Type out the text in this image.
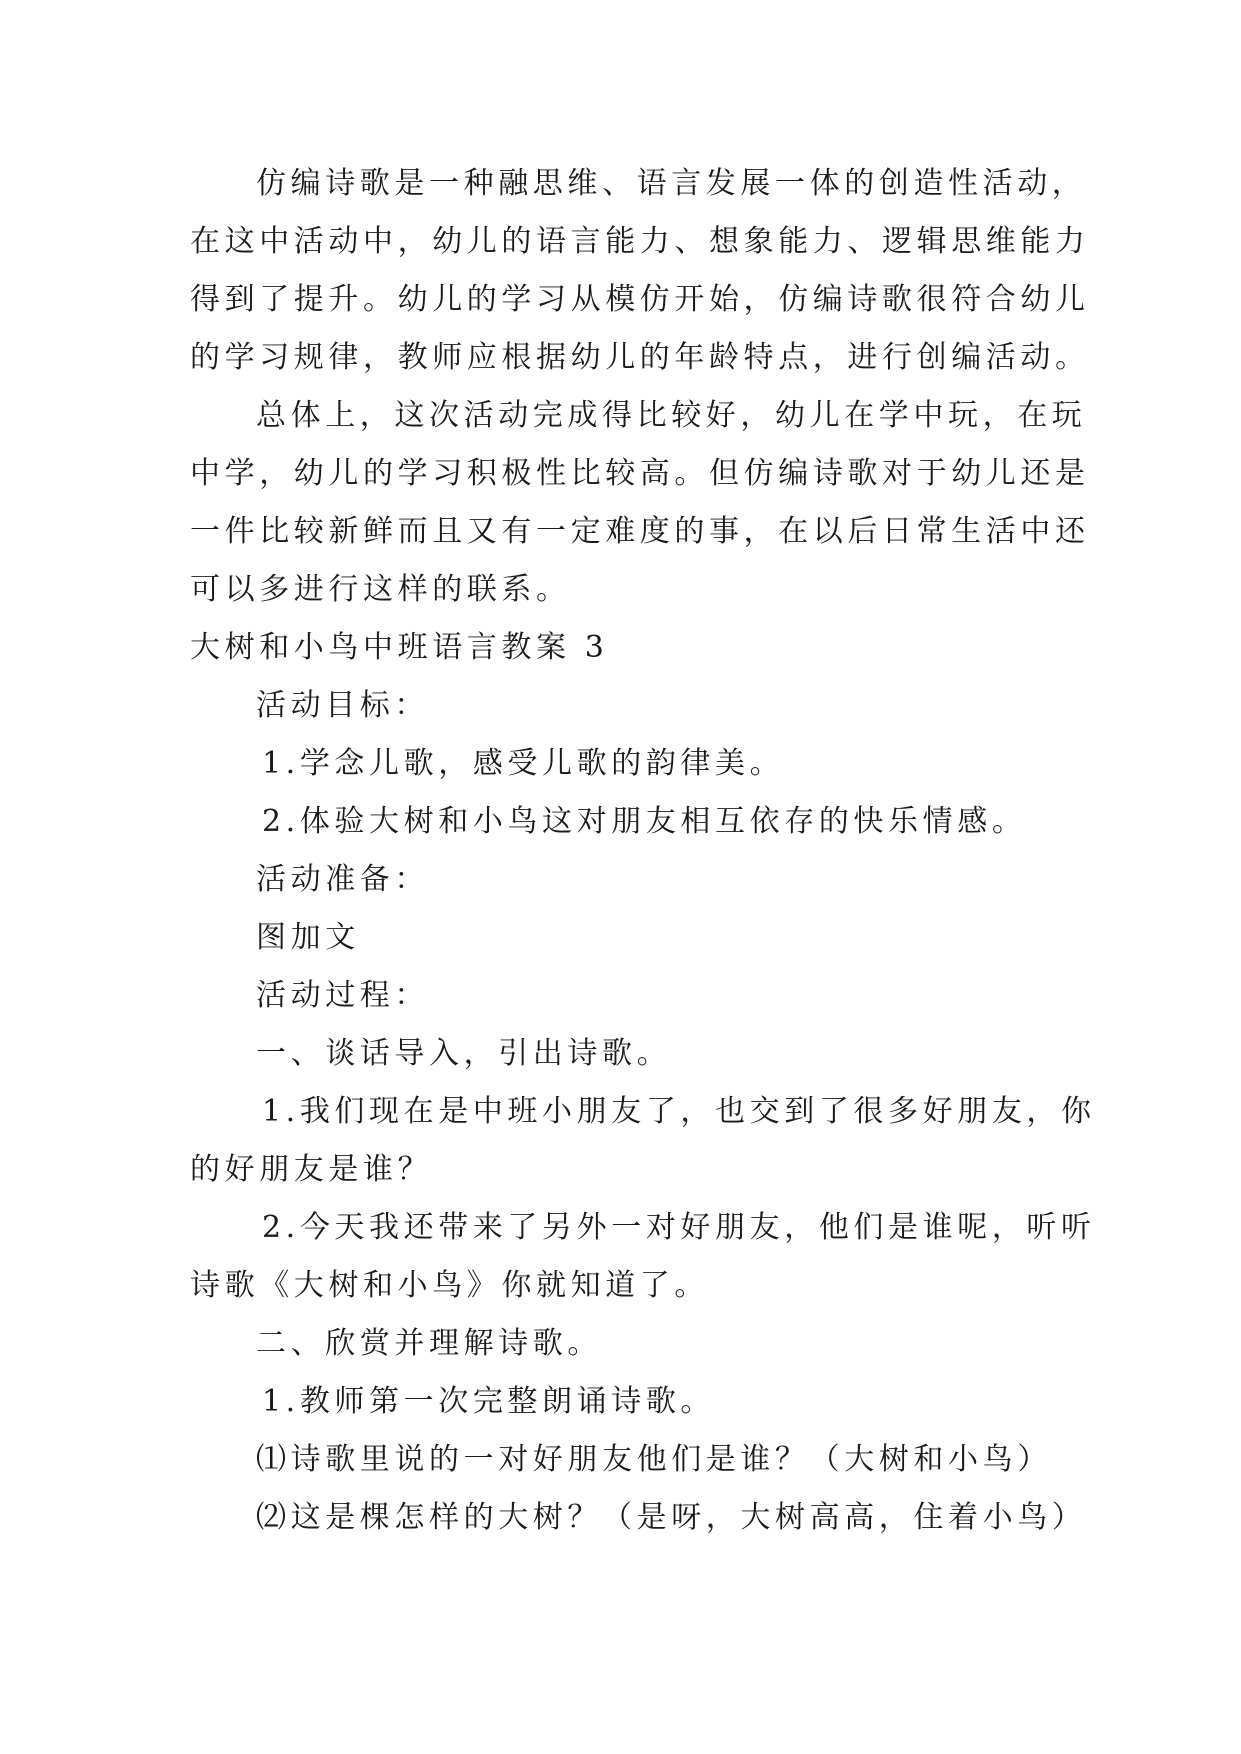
仿编诗歌是一种融思维、语言发展一体的创造性活动，
在这中活动中，幼儿的语言能力、想象能力、逻辑思维能力
得到了提升。幼儿的学习从模仿开始，仿编诗歌很符合幼儿
的学习规律，教师应根据幼儿的年龄特点，进行创编活动。
总体上，这次活动完成得比较好，幼儿在学中玩，在玩
中学，幼儿的学习积极性比较高。但仿编诗歌对于幼儿还是
一件比较新鲜而且又有一定难度的事，在以后日常生活中还
可以多进行这样的联系。
大树和小鸟中班语言教案 3
活动目标：
1.学念儿歌，感受儿歌的韵律美。
2.体验大树和小鸟这对朋友相互依存的快乐情感。
活动准备：
图加文
活动过程：
一、谈话导入，引出诗歌。
1.我们现在是中班小朋友了，也交到了很多好朋友，你
的好朋友是谁？
2.今天我还带来了另外一对好朋友，他们是谁呢，听听
诗歌《大树和小鸟》你就知道了。
二、欣赏并理解诗歌。
1.教师第一次完整朗诵诗歌。
⑴诗歌里说的一对好朋友他们是谁？（大树和小鸟）
⑵这是棵怎样的大树？（是呀，大树高高，住着小鸟）
